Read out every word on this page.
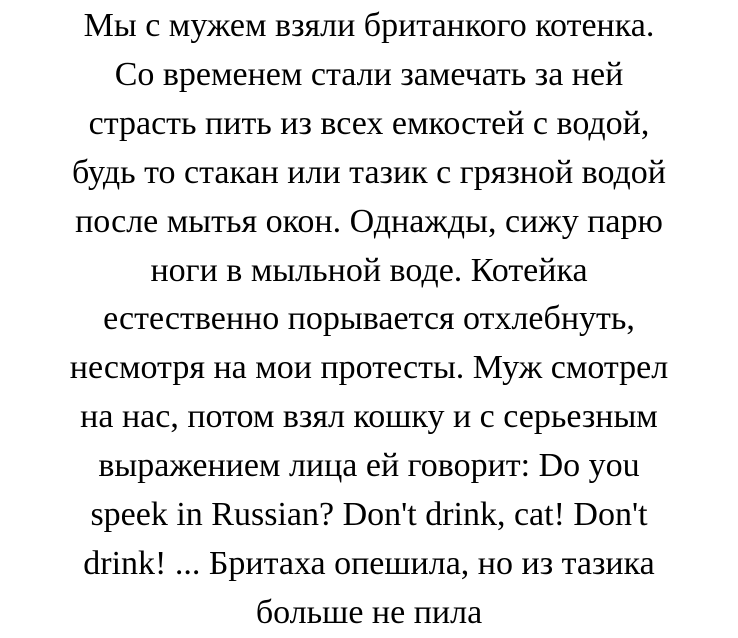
Мы с мужем взяли британкого котенка.
Со временем стали замечать за ней
страсть пить из всех емкостей с водой,
будь то стакан или тазик с грязной водой
после мытья окон. Однажды, сижу парю
ноги в мыльной воде. Котейка
естественно порывается отхлебнуть,
несмотря на мои протесты. Муж смотрел
на нас, потом взял кошку и с серьезным
выражением лица ей говорит: Do you
speek in Russian? Don't drink, cat! Don't
drink! ... Бритаха опешила, но из тазика
больше не пила
